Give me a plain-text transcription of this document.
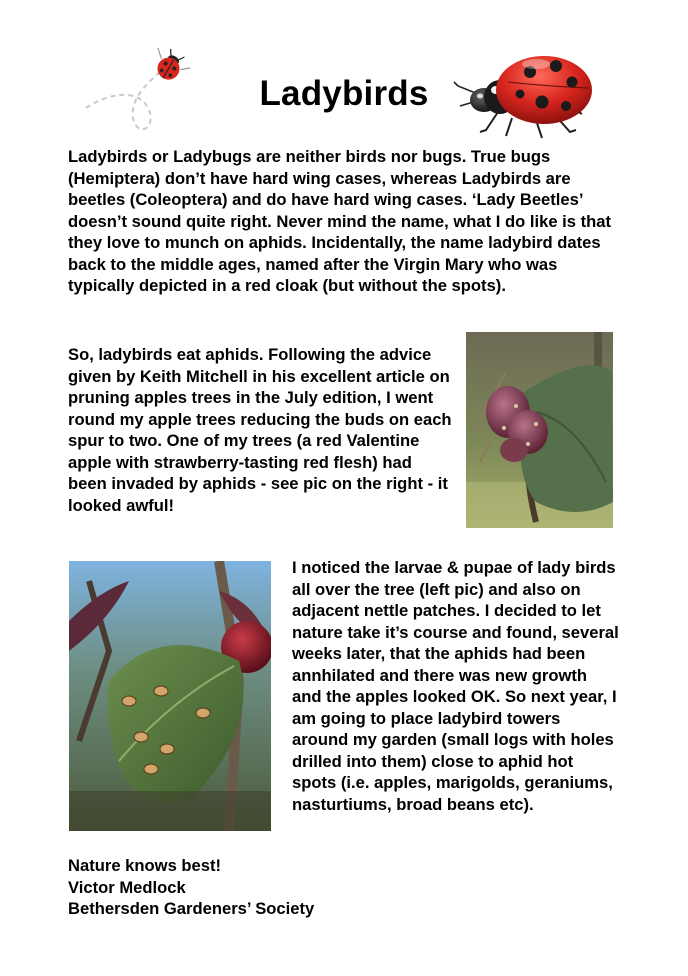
Ladybirds

Ladybirds or Ladybugs are neither birds nor bugs. True bugs (Hemiptera) don’t have hard wing cases, whereas Ladybirds are beetles (Coleoptera) and do have hard wing cases. ‘Lady Beetles’ doesn’t sound quite right. Never mind the name, what I do like is that they love to munch on aphids. Incidentally, the name ladybird dates back to the middle ages, named after the Virgin Mary who was typically depicted in a red cloak (but without the spots).

So, ladybirds eat aphids. Following the advice given by Keith Mitchell in his excellent article on pruning apples trees in the July edition, I went round my apple trees reducing the buds on each spur to two. One of my trees (a red Valentine apple with strawberry-tasting red flesh) had been invaded by aphids - see pic on the right - it looked awful!

I noticed the larvae & pupae of lady birds all over the tree (left pic) and also on adjacent nettle patches. I decided to let nature take it’s course and found, several weeks later, that the aphids had been annhilated and there was new growth and the apples looked OK. So next year, I am going to place ladybird towers around my garden (small logs with holes drilled into them) close to aphid hot spots (i.e. apples, marigolds, geraniums, nasturtiums, broad beans etc).

Nature knows best!
Victor Medlock
Bethersden Gardeners’ Society
